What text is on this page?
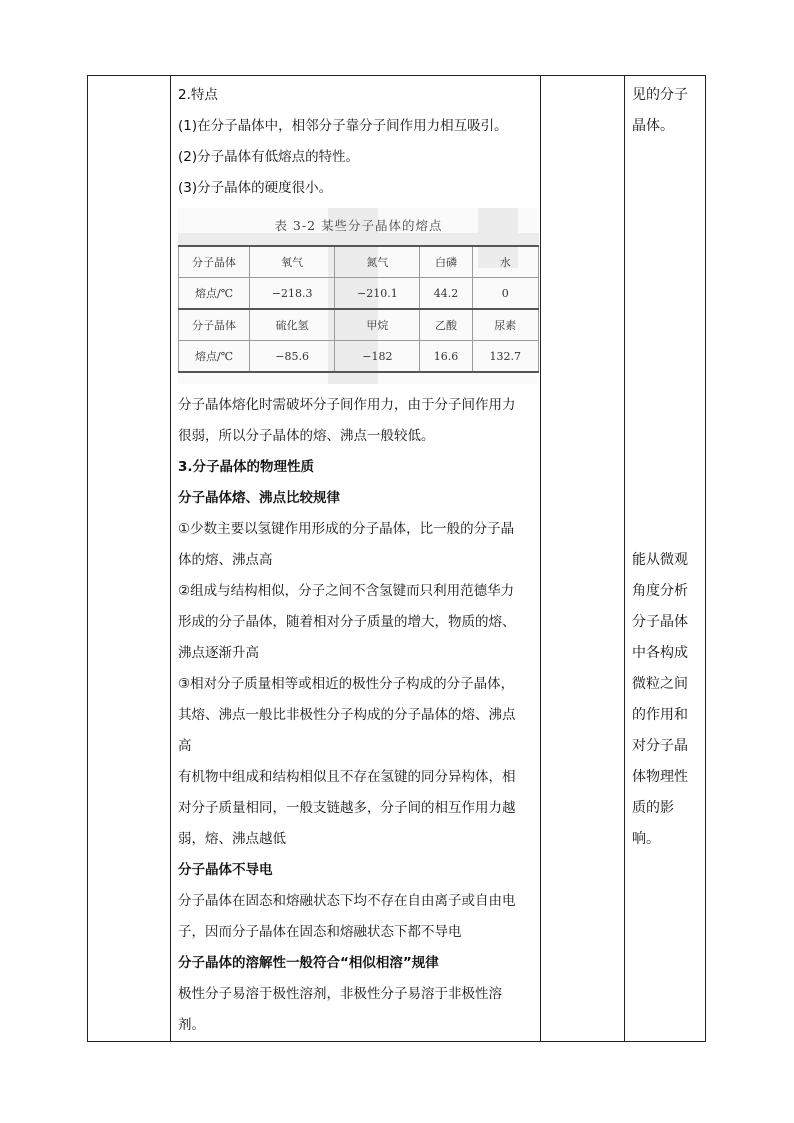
2.特点
(1)在分子晶体中，相邻分子靠分子间作用力相互吸引。
(2)分子晶体有低熔点的特性。
(3)分子晶体的硬度很小。
表 3-2 某些分子晶体的熔点
分子晶体	氧气	氮气	白磷	水
熔点/℃	−218.3	−210.1	44.2	0
分子晶体	硫化氢	甲烷	乙酸	尿素
熔点/℃	−85.6	−182	16.6	132.7
分子晶体熔化时需破坏分子间作用力，由于分子间作用力
很弱，所以分子晶体的熔、沸点一般较低。
3.分子晶体的物理性质
分子晶体熔、沸点比较规律
①少数主要以氢键作用形成的分子晶体，比一般的分子晶
体的熔、沸点高
②组成与结构相似，分子之间不含氢键而只利用范德华力
形成的分子晶体，随着相对分子质量的增大，物质的熔、
沸点逐渐升高
③相对分子质量相等或相近的极性分子构成的分子晶体，
其熔、沸点一般比非极性分子构成的分子晶体的熔、沸点
高
有机物中组成和结构相似且不存在氢键的同分异构体，相
对分子质量相同，一般支链越多，分子间的相互作用力越
弱，熔、沸点越低
分子晶体不导电
分子晶体在固态和熔融状态下均不存在自由离子或自由电
子，因而分子晶体在固态和熔融状态下都不导电
分子晶体的溶解性一般符合“相似相溶”规律
极性分子易溶于极性溶剂，非极性分子易溶于非极性溶
剂。
见的分子
晶体。
能从微观
角度分析
分子晶体
中各构成
微粒之间
的作用和
对分子晶
体物理性
质的影
响。
